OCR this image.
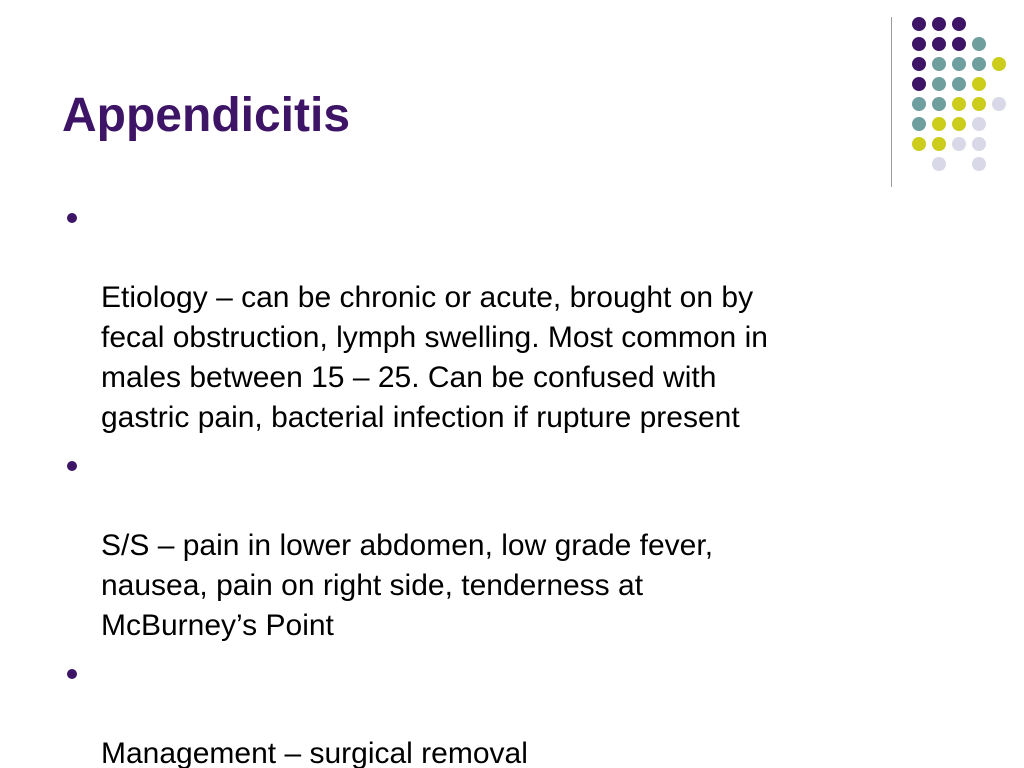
Appendicitis

Etiology – can be chronic or acute, brought on by
fecal obstruction, lymph swelling. Most common in
males between 15 – 25. Can be confused with
gastric pain, bacterial infection if rupture present

S/S – pain in lower abdomen, low grade fever,
nausea, pain on right side, tenderness at
McBurney’s Point

Management – surgical removal
